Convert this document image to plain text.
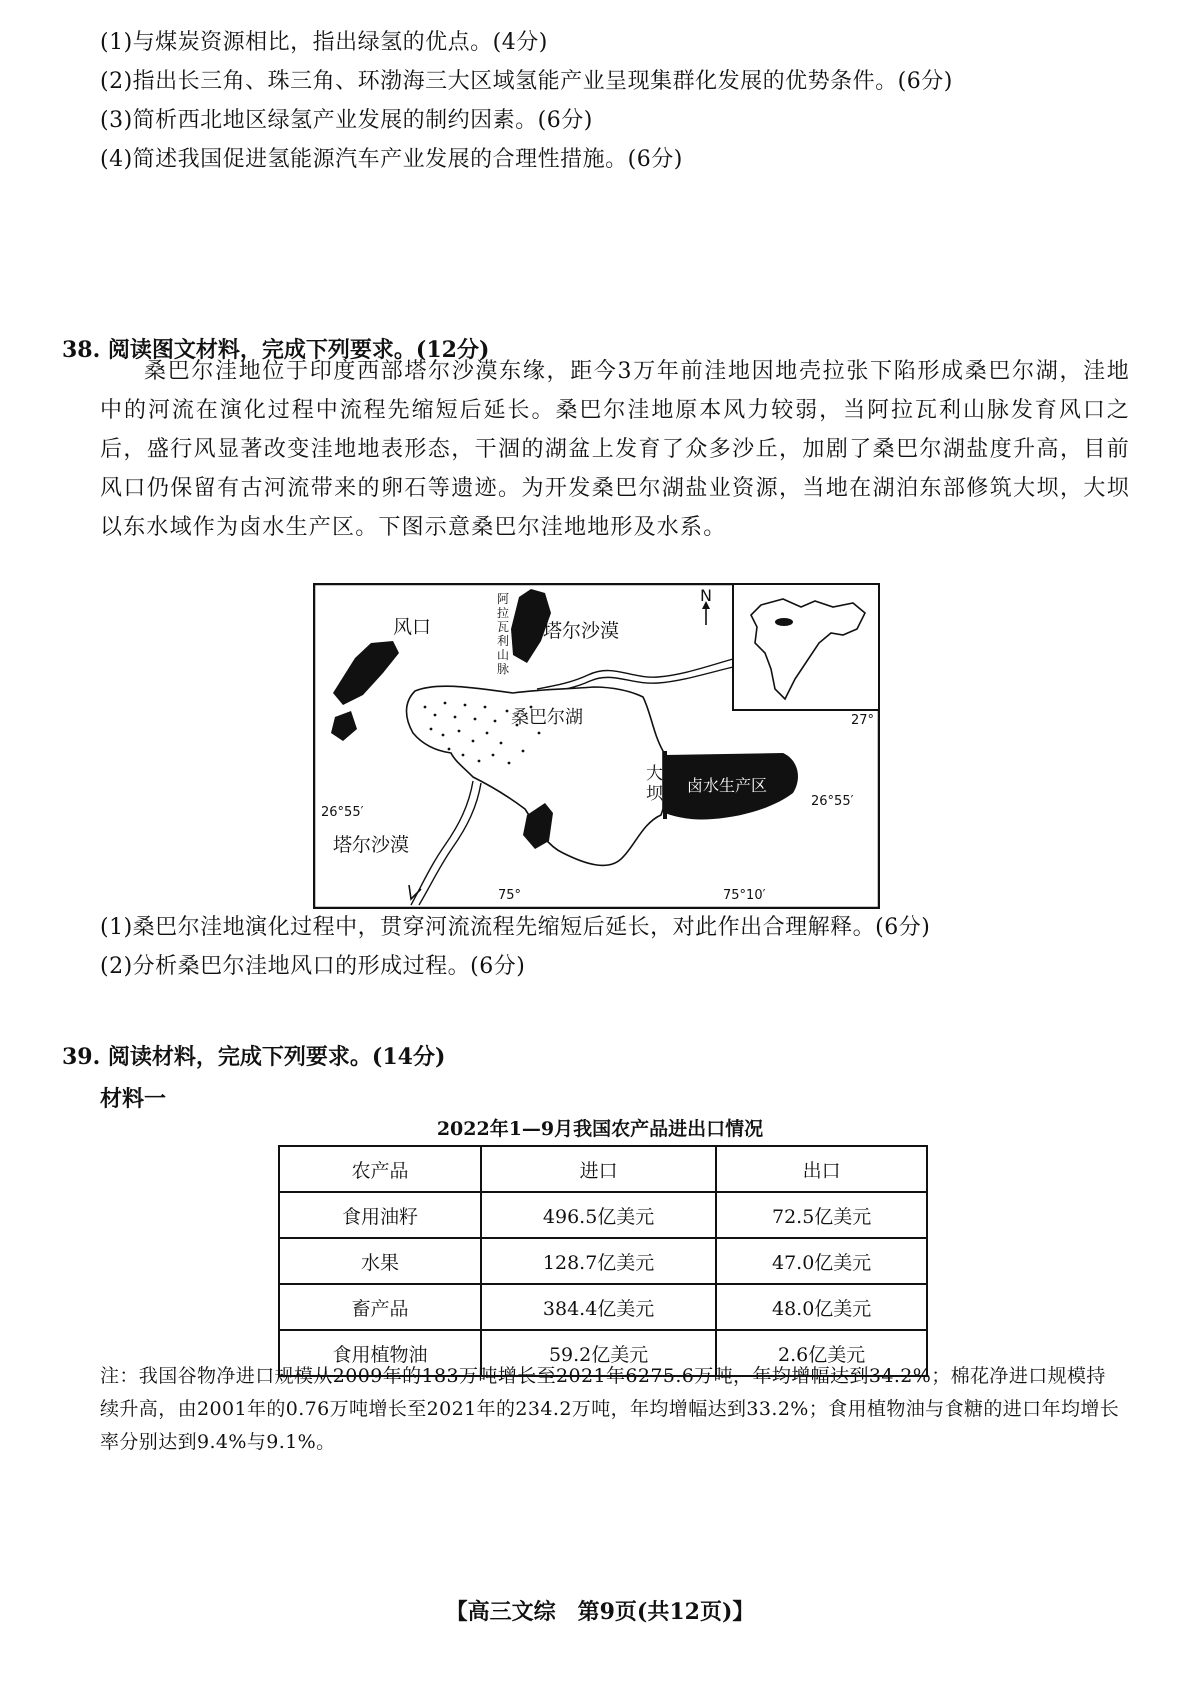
(1)与煤炭资源相比，指出绿氢的优点。(4分)
(2)指出长三角、珠三角、环渤海三大区域氢能产业呈现集群化发展的优势条件。(6分)
(3)简析西北地区绿氢产业发展的制约因素。(6分)
(4)简述我国促进氢能源汽车产业发展的合理性措施。(6分)
38. 阅读图文材料，完成下列要求。(12分)
桑巴尔洼地位于印度西部塔尔沙漠东缘，距今3万年前洼地因地壳拉张下陷形成桑巴尔湖，洼地中的河流在演化过程中流程先缩短后延长。桑巴尔洼地原本风力较弱，当阿拉瓦利山脉发育风口之后，盛行风显著改变洼地地表形态，干涸的湖盆上发育了众多沙丘，加剧了桑巴尔湖盐度升高，目前风口仍保留有古河流带来的卵石等遗迹。为开发桑巴尔湖盐业资源，当地在湖泊东部修筑大坝，大坝以东水域作为卤水生产区。下图示意桑巴尔洼地地形及水系。
塔尔沙漠
风口
桑巴尔湖
卤水生产区
塔尔沙漠
N
26°55′
26°55′
27°
75°	75°10′
阿
拉
瓦
利
山
脉
大
坝
(1)桑巴尔洼地演化过程中，贯穿河流流程先缩短后延长，对此作出合理解释。(6分)
(2)分析桑巴尔洼地风口的形成过程。(6分)
39. 阅读材料，完成下列要求。(14分)
材料一
2022年1—9月我国农产品进出口情况
农产品	进口	出口
食用油籽	496.5亿美元	72.5亿美元
水果	128.7亿美元	47.0亿美元
畜产品	384.4亿美元	48.0亿美元
食用植物油	59.2亿美元	2.6亿美元
注：我国谷物净进口规模从2009年的183万吨增长至2021年6275.6万吨，年均增幅达到34.2%；棉花净进口规模持续升高，由2001年的0.76万吨增长至2021年的234.2万吨，年均增幅达到33.2%；食用植物油与食糖的进口年均增长率分别达到9.4%与9.1%。
【高三文综　第9页(共12页)】
